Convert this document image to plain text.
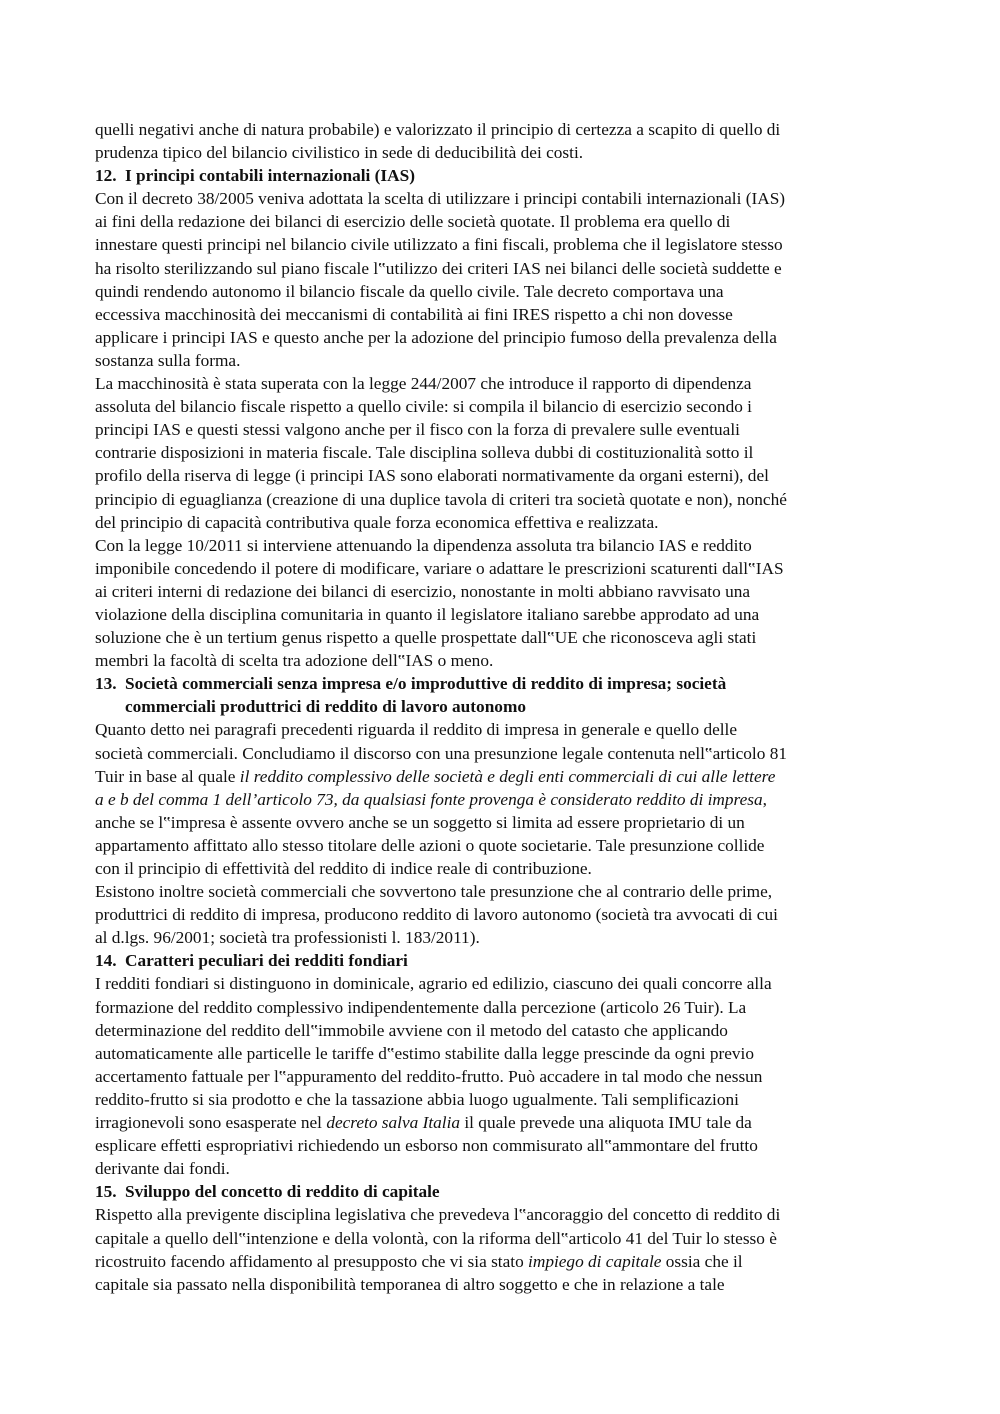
quelli negativi anche di natura probabile) e valorizzato il principio di certezza a scapito di quello di
prudenza tipico del bilancio civilistico in sede di deducibilità dei costi.
12. I principi contabili internazionali (IAS)
Con il decreto 38/2005 veniva adottata la scelta di utilizzare i principi contabili internazionali (IAS)
ai fini della redazione dei bilanci di esercizio delle società quotate. Il problema era quello di
innestare questi principi nel bilancio civile utilizzato a fini fiscali, problema che il legislatore stesso
ha risolto sterilizzando sul piano fiscale l‟utilizzo dei criteri IAS nei bilanci delle società suddette e
quindi rendendo autonomo il bilancio fiscale da quello civile. Tale decreto comportava una
eccessiva macchinosità dei meccanismi di contabilità ai fini IRES rispetto a chi non dovesse
applicare i principi IAS e questo anche per la adozione del principio fumoso della prevalenza della
sostanza sulla forma.
La macchinosità è stata superata con la legge 244/2007 che introduce il rapporto di dipendenza
assoluta del bilancio fiscale rispetto a quello civile: si compila il bilancio di esercizio secondo i
principi IAS e questi stessi valgono anche per il fisco con la forza di prevalere sulle eventuali
contrarie disposizioni in materia fiscale. Tale disciplina solleva dubbi di costituzionalità sotto il
profilo della riserva di legge (i principi IAS sono elaborati normativamente da organi esterni), del
principio di eguaglianza (creazione di una duplice tavola di criteri tra società quotate e non), nonché
del principio di capacità contributiva quale forza economica effettiva e realizzata.
Con la legge 10/2011 si interviene attenuando la dipendenza assoluta tra bilancio IAS e reddito
imponibile concedendo il potere di modificare, variare o adattare le prescrizioni scaturenti dall‟IAS
ai criteri interni di redazione dei bilanci di esercizio, nonostante in molti abbiano ravvisato una
violazione della disciplina comunitaria in quanto il legislatore italiano sarebbe approdato ad una
soluzione che è un tertium genus rispetto a quelle prospettate dall‟UE che riconosceva agli stati
membri la facoltà di scelta tra adozione dell‟IAS o meno.
13. Società commerciali senza impresa e/o improduttive di reddito di impresa; società
commerciali produttrici di reddito di lavoro autonomo
Quanto detto nei paragrafi precedenti riguarda il reddito di impresa in generale e quello delle
società commerciali. Concludiamo il discorso con una presunzione legale contenuta nell‟articolo 81
Tuir in base al quale il reddito complessivo delle società e degli enti commerciali di cui alle lettere
a e b del comma 1 dell’articolo 73, da qualsiasi fonte provenga è considerato reddito di impresa,
anche se l‟impresa è assente ovvero anche se un soggetto si limita ad essere proprietario di un
appartamento affittato allo stesso titolare delle azioni o quote societarie. Tale presunzione collide
con il principio di effettività del reddito di indice reale di contribuzione.
Esistono inoltre società commerciali che sovvertono tale presunzione che al contrario delle prime,
produttrici di reddito di impresa, producono reddito di lavoro autonomo (società tra avvocati di cui
al d.lgs. 96/2001; società tra professionisti l. 183/2011).
14. Caratteri peculiari dei redditi fondiari
I redditi fondiari si distinguono in dominicale, agrario ed edilizio, ciascuno dei quali concorre alla
formazione del reddito complessivo indipendentemente dalla percezione (articolo 26 Tuir). La
determinazione del reddito dell‟immobile avviene con il metodo del catasto che applicando
automaticamente alle particelle le tariffe d‟estimo stabilite dalla legge prescinde da ogni previo
accertamento fattuale per l‟appuramento del reddito-frutto. Può accadere in tal modo che nessun
reddito-frutto si sia prodotto e che la tassazione abbia luogo ugualmente. Tali semplificazioni
irragionevoli sono esasperate nel decreto salva Italia il quale prevede una aliquota IMU tale da
esplicare effetti espropriativi richiedendo un esborso non commisurato all‟ammontare del frutto
derivante dai fondi.
15. Sviluppo del concetto di reddito di capitale
Rispetto alla previgente disciplina legislativa che prevedeva l‟ancoraggio del concetto di reddito di
capitale a quello dell‟intenzione e della volontà, con la riforma dell‟articolo 41 del Tuir lo stesso è
ricostruito facendo affidamento al presupposto che vi sia stato impiego di capitale ossia che il
capitale sia passato nella disponibilità temporanea di altro soggetto e che in relazione a tale
